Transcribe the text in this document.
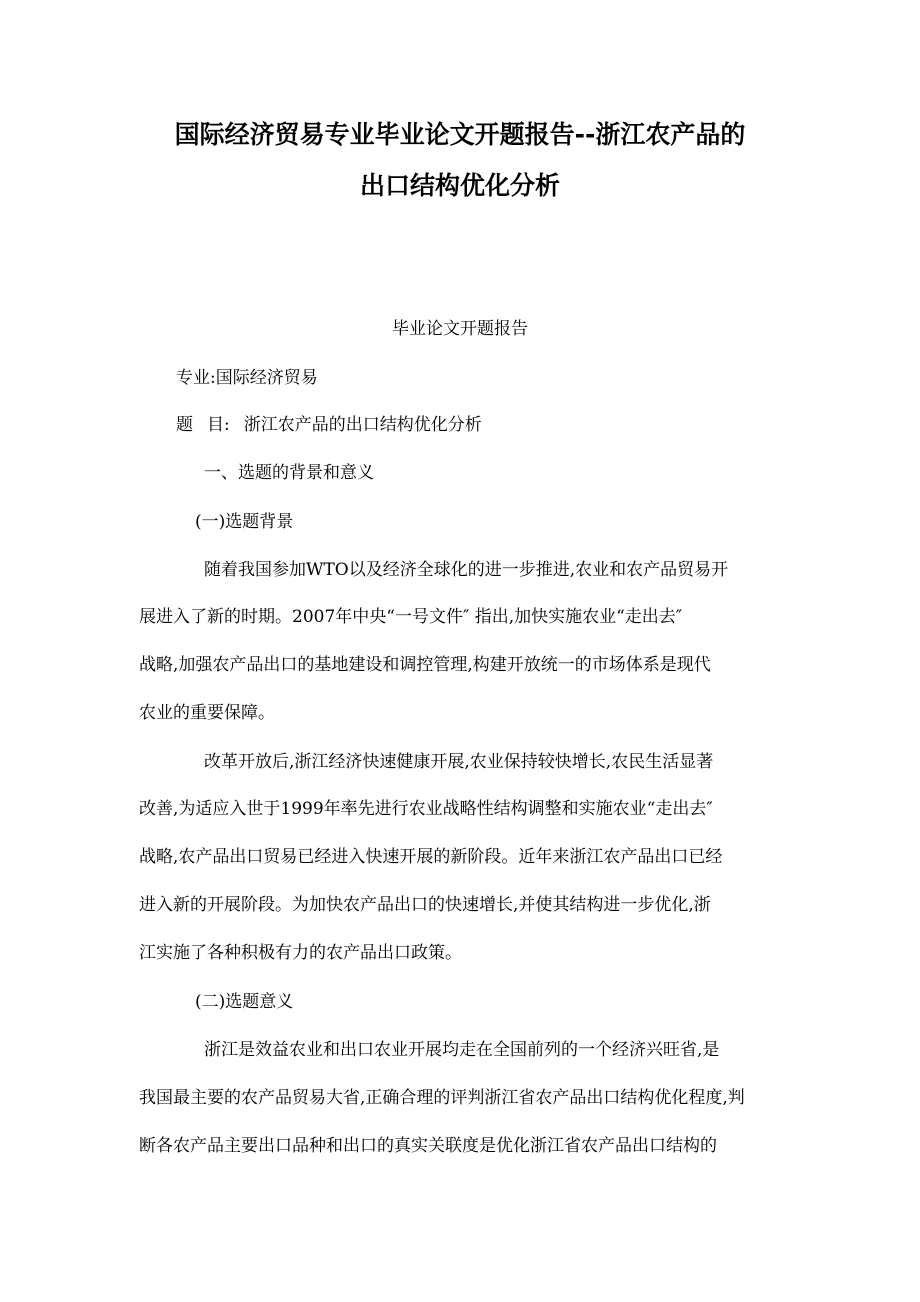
国际经济贸易专业毕业论文开题报告--浙江农产品的
出口结构优化分析

毕业论文开题报告

专业:国际经济贸易

题 目: 浙江农产品的出口结构优化分析

一、选题的背景和意义

(一)选题背景

随着我国参加WTO以及经济全球化的进一步推进,农业和农产品贸易开

展进入了新的时期。2007年中央“一号文件″ 指出,加快实施农业“走出去″

战略,加强农产品出口的基地建设和调控管理,构建开放统一的市场体系是现代

农业的重要保障。

改革开放后,浙江经济快速健康开展,农业保持较快增长,农民生活显著

改善,为适应入世于1999年率先进行农业战略性结构调整和实施农业“走出去″

战略,农产品出口贸易已经进入快速开展的新阶段。近年来浙江农产品出口已经

进入新的开展阶段。为加快农产品出口的快速增长,并使其结构进一步优化,浙

江实施了各种积极有力的农产品出口政策。

(二)选题意义

浙江是效益农业和出口农业开展均走在全国前列的一个经济兴旺省,是

我国最主要的农产品贸易大省,正确合理的评判浙江省农产品出口结构优化程度,判

断各农产品主要出口品种和出口的真实关联度是优化浙江省农产品出口结构的
